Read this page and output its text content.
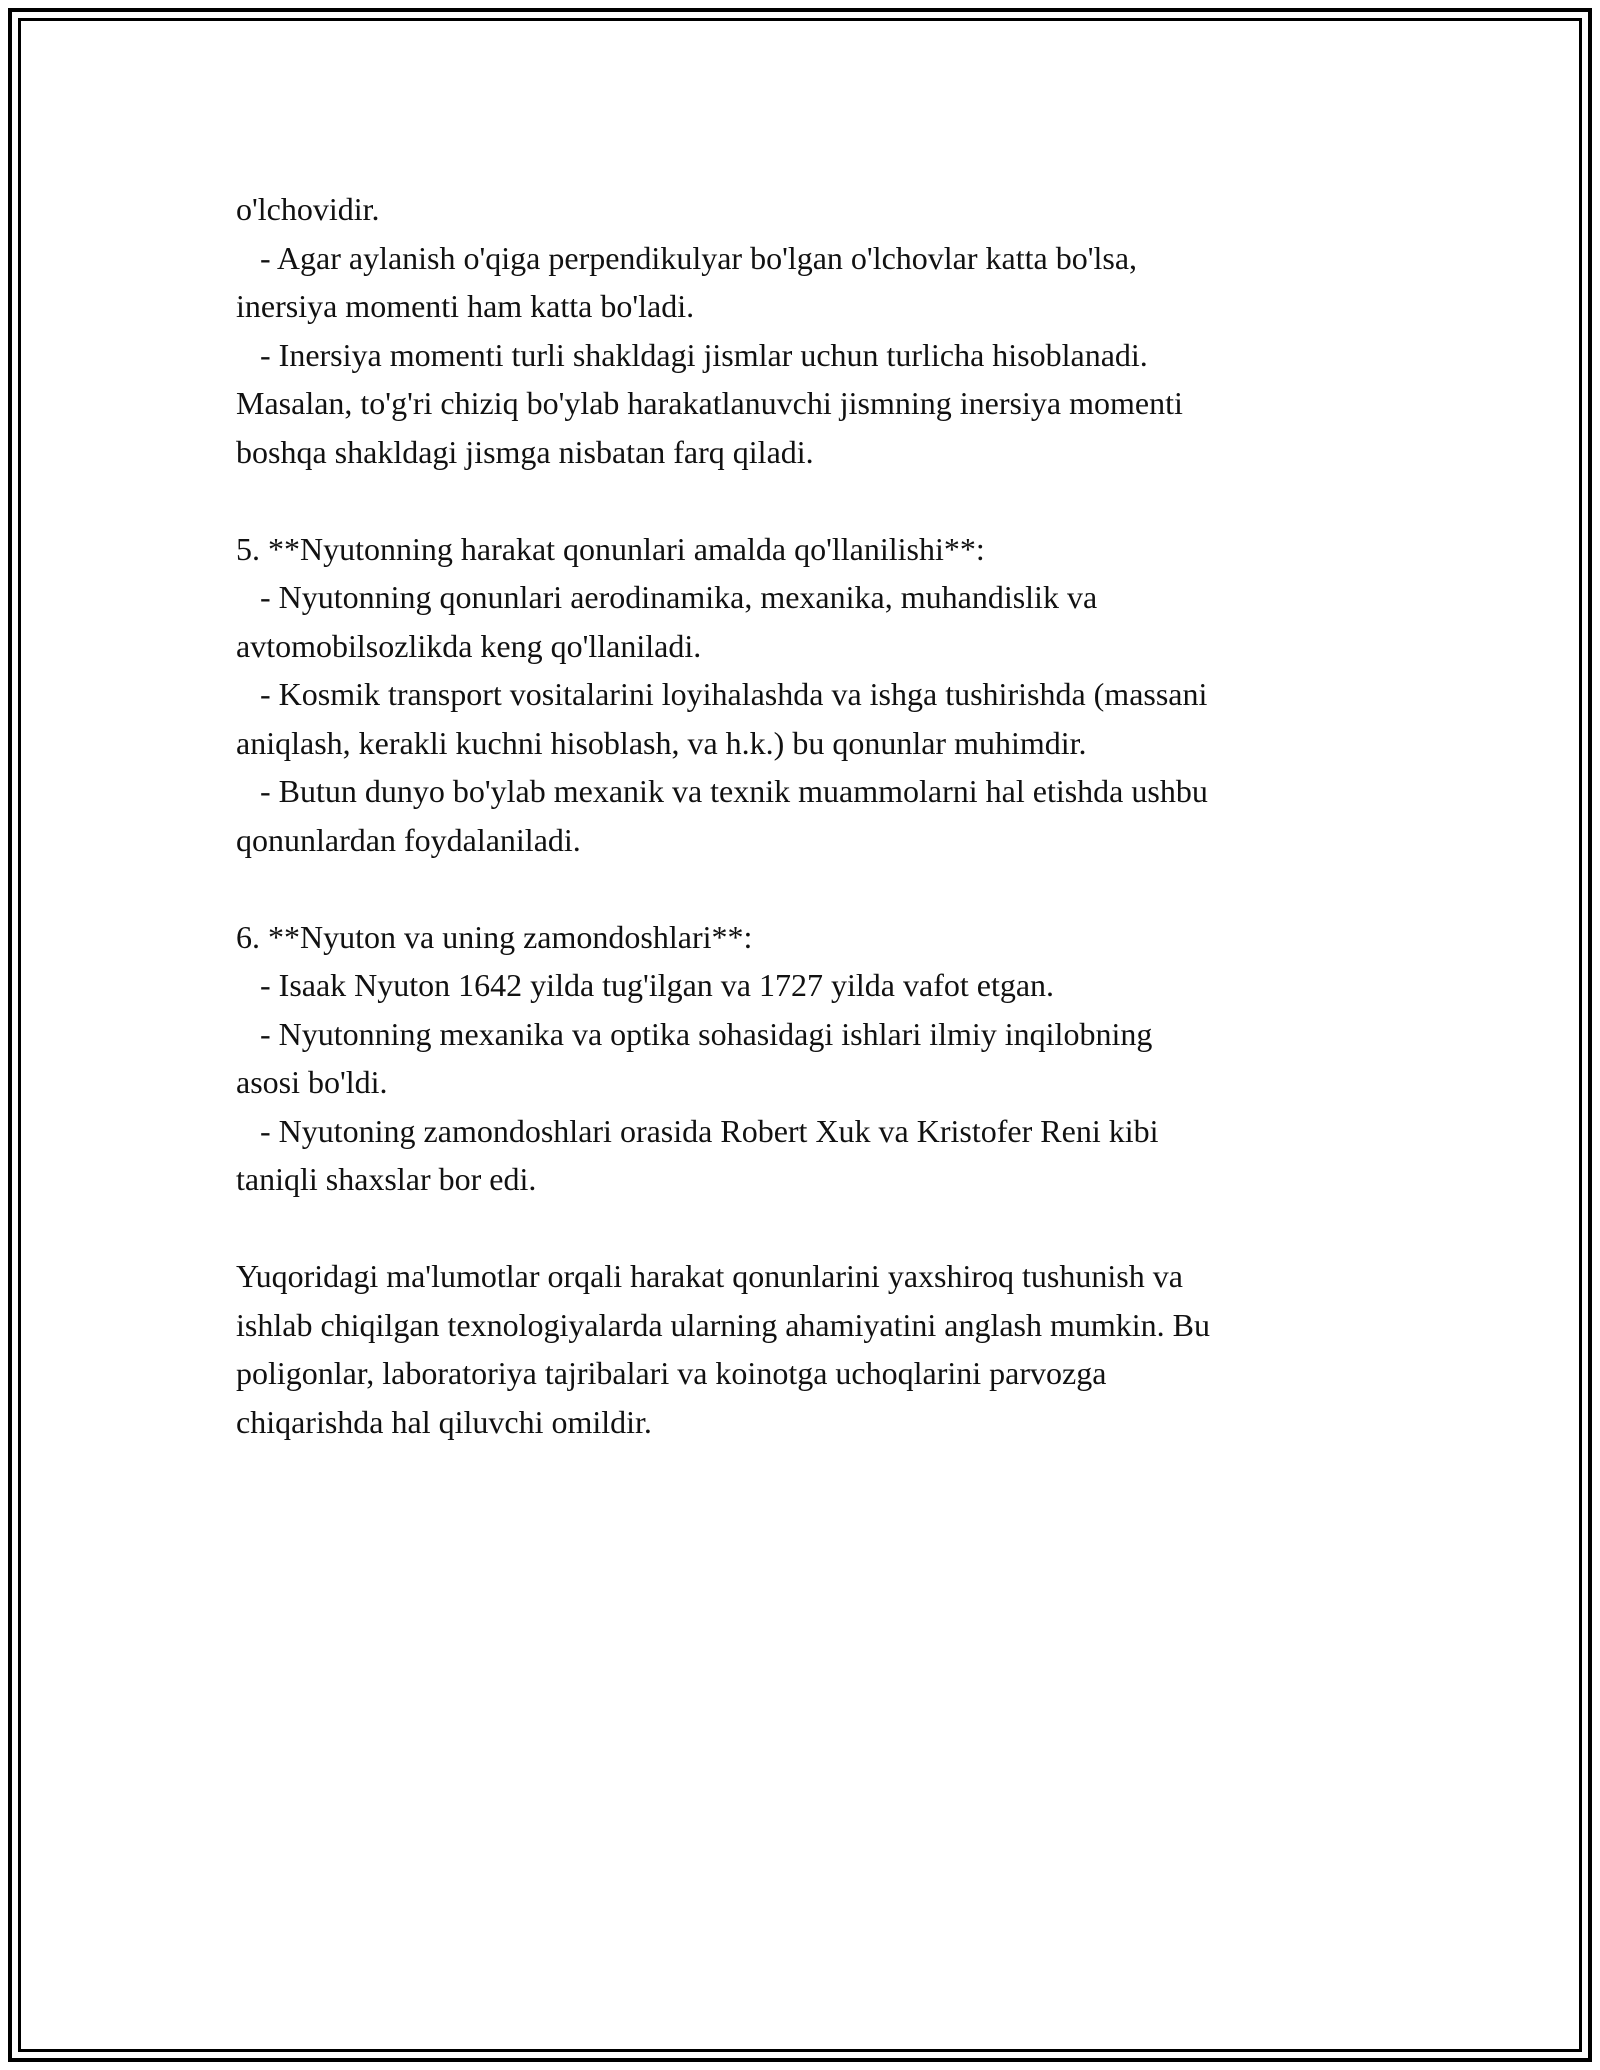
o'lchovidir.
- Agar aylanish o'qiga perpendikulyar bo'lgan o'lchovlar katta bo'lsa,
inersiya momenti ham katta bo'ladi.
- Inersiya momenti turli shakldagi jismlar uchun turlicha hisoblanadi.
Masalan, to'g'ri chiziq bo'ylab harakatlanuvchi jismning inersiya momenti
boshqa shakldagi jismga nisbatan farq qiladi.
5. **Nyutonning harakat qonunlari amalda qo'llanilishi**:
- Nyutonning qonunlari aerodinamika, mexanika, muhandislik va
avtomobilsozlikda keng qo'llaniladi.
- Kosmik transport vositalarini loyihalashda va ishga tushirishda (massani
aniqlash, kerakli kuchni hisoblash, va h.k.) bu qonunlar muhimdir.
- Butun dunyo bo'ylab mexanik va texnik muammolarni hal etishda ushbu
qonunlardan foydalaniladi.
6. **Nyuton va uning zamondoshlari**:
- Isaak Nyuton 1642 yilda tug'ilgan va 1727 yilda vafot etgan.
- Nyutonning mexanika va optika sohasidagi ishlari ilmiy inqilobning
asosi bo'ldi.
- Nyutoning zamondoshlari orasida Robert Xuk va Kristofer Reni kibi
taniqli shaxslar bor edi.
Yuqoridagi ma'lumotlar orqali harakat qonunlarini yaxshiroq tushunish va
ishlab chiqilgan texnologiyalarda ularning ahamiyatini anglash mumkin. Bu
poligonlar, laboratoriya tajribalari va koinotga uchoqlarini parvozga
chiqarishda hal qiluvchi omildir.
